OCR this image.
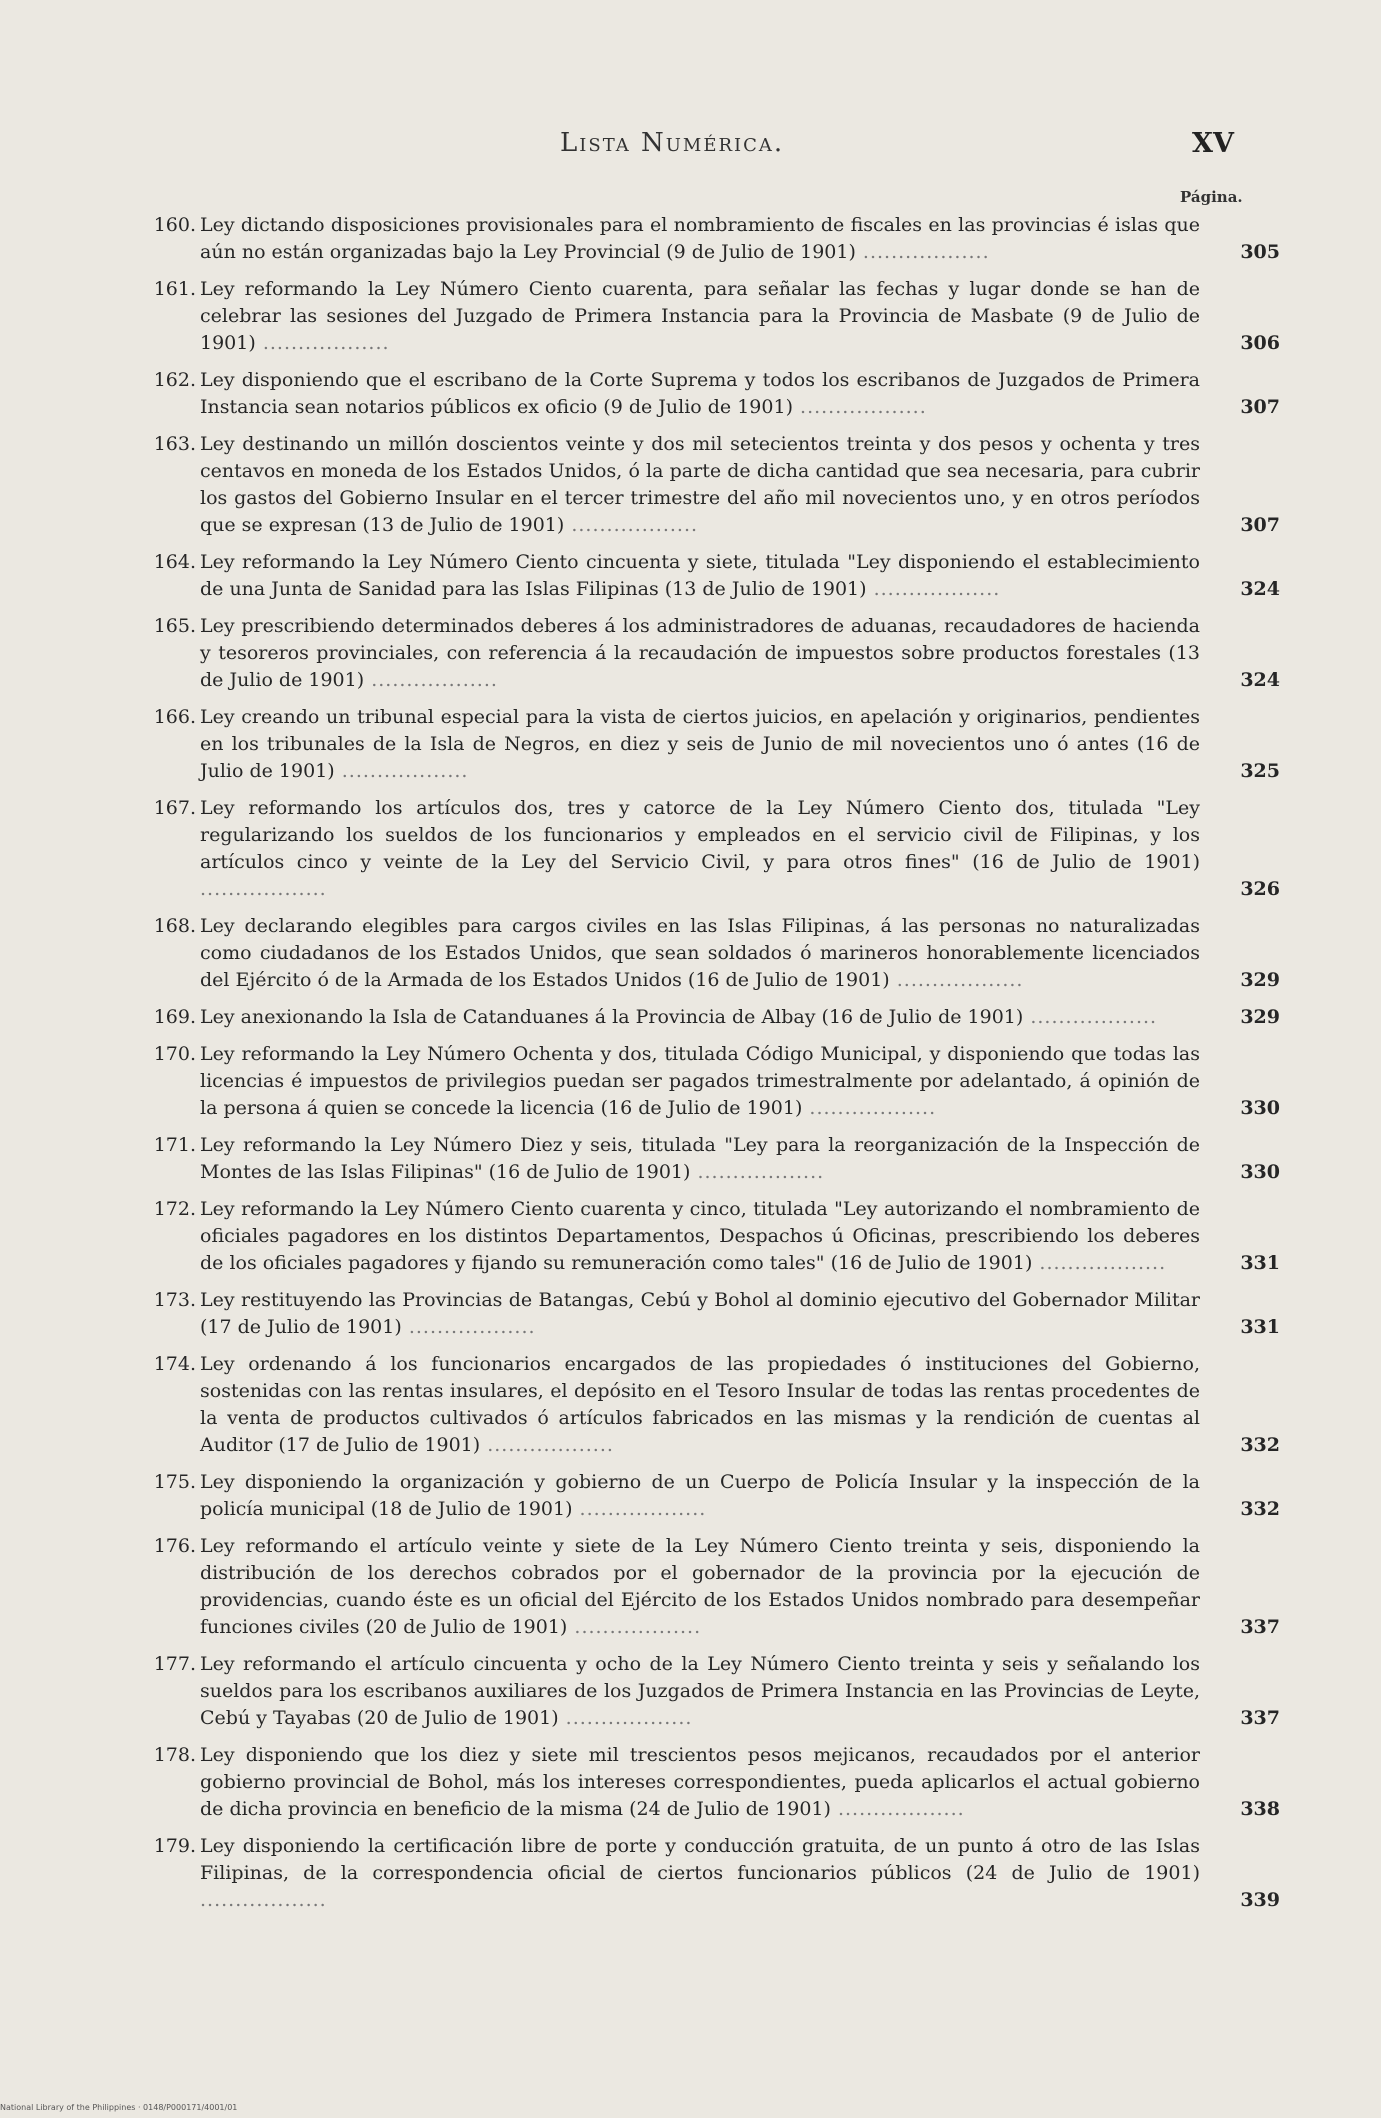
Lista Numérica.	XV
Página.
160. Ley dictando disposiciones provisionales para el nombramiento de fiscales en las provincias é islas que aún no están organizadas bajo la Ley Provincial (9 de Julio de 1901) ..................	305
161. Ley reformando la Ley Número Ciento cuarenta, para señalar las fechas y lugar donde se han de celebrar las sesiones del Juzgado de Primera Instancia para la Provincia de Masbate (9 de Julio de 1901) ..................	306
162. Ley disponiendo que el escribano de la Corte Suprema y todos los escribanos de Juzgados de Primera Instancia sean notarios públicos ex oficio (9 de Julio de 1901) ..................	307
163. Ley destinando un millón doscientos veinte y dos mil setecientos treinta y dos pesos y ochenta y tres centavos en moneda de los Estados Unidos, ó la parte de dicha cantidad que sea necesaria, para cubrir los gastos del Gobierno Insular en el tercer trimestre del año mil novecientos uno, y en otros períodos que se expresan (13 de Julio de 1901) ..................	307
164. Ley reformando la Ley Número Ciento cincuenta y siete, titulada "Ley disponiendo el establecimiento de una Junta de Sanidad para las Islas Filipinas (13 de Julio de 1901) ..................	324
165. Ley prescribiendo determinados deberes á los administradores de aduanas, recaudadores de hacienda y tesoreros provinciales, con referencia á la recaudación de impuestos sobre productos forestales (13 de Julio de 1901) ..................	324
166. Ley creando un tribunal especial para la vista de ciertos juicios, en apelación y originarios, pendientes en los tribunales de la Isla de Negros, en diez y seis de Junio de mil novecientos uno ó antes (16 de Julio de 1901) ..................	325
167. Ley reformando los artículos dos, tres y catorce de la Ley Número Ciento dos, titulada "Ley regularizando los sueldos de los funcionarios y empleados en el servicio civil de Filipinas, y los artículos cinco y veinte de la Ley del Servicio Civil, y para otros fines" (16 de Julio de 1901) ..................	326
168. Ley declarando elegibles para cargos civiles en las Islas Filipinas, á las personas no naturalizadas como ciudadanos de los Estados Unidos, que sean soldados ó marineros honorablemente licenciados del Ejército ó de la Armada de los Estados Unidos (16 de Julio de 1901) ..................	329
169. Ley anexionando la Isla de Catanduanes á la Provincia de Albay (16 de Julio de 1901) ..................	329
170. Ley reformando la Ley Número Ochenta y dos, titulada Código Municipal, y disponiendo que todas las licencias é impuestos de privilegios puedan ser pagados trimestralmente por adelantado, á opinión de la persona á quien se concede la licencia (16 de Julio de 1901) ..................	330
171. Ley reformando la Ley Número Diez y seis, titulada "Ley para la reorganización de la Inspección de Montes de las Islas Filipinas" (16 de Julio de 1901) ..................	330
172. Ley reformando la Ley Número Ciento cuarenta y cinco, titulada "Ley autorizando el nombramiento de oficiales pagadores en los distintos Departamentos, Despachos ú Oficinas, prescribiendo los deberes de los oficiales pagadores y fijando su remuneración como tales" (16 de Julio de 1901) ..................	331
173. Ley restituyendo las Provincias de Batangas, Cebú y Bohol al dominio ejecutivo del Gobernador Militar (17 de Julio de 1901) ..................	331
174. Ley ordenando á los funcionarios encargados de las propiedades ó instituciones del Gobierno, sostenidas con las rentas insulares, el depósito en el Tesoro Insular de todas las rentas procedentes de la venta de productos cultivados ó artículos fabricados en las mismas y la rendición de cuentas al Auditor (17 de Julio de 1901) ..................	332
175. Ley disponiendo la organización y gobierno de un Cuerpo de Policía Insular y la inspección de la policía municipal (18 de Julio de 1901) ..................	332
176. Ley reformando el artículo veinte y siete de la Ley Número Ciento treinta y seis, disponiendo la distribución de los derechos cobrados por el gobernador de la provincia por la ejecución de providencias, cuando éste es un oficial del Ejército de los Estados Unidos nombrado para desempeñar funciones civiles (20 de Julio de 1901) ..................	337
177. Ley reformando el artículo cincuenta y ocho de la Ley Número Ciento treinta y seis y señalando los sueldos para los escribanos auxiliares de los Juzgados de Primera Instancia en las Provincias de Leyte, Cebú y Tayabas (20 de Julio de 1901) ..................	337
178. Ley disponiendo que los diez y siete mil trescientos pesos mejicanos, recaudados por el anterior gobierno provincial de Bohol, más los intereses correspondientes, pueda aplicarlos el actual gobierno de dicha provincia en beneficio de la misma (24 de Julio de 1901) ..................	338
179. Ley disponiendo la certificación libre de porte y conducción gratuita, de un punto á otro de las Islas Filipinas, de la correspondencia oficial de ciertos funcionarios públicos (24 de Julio de 1901) ..................	339
National Library of the Philippines · 0148/P000171/4001/01
